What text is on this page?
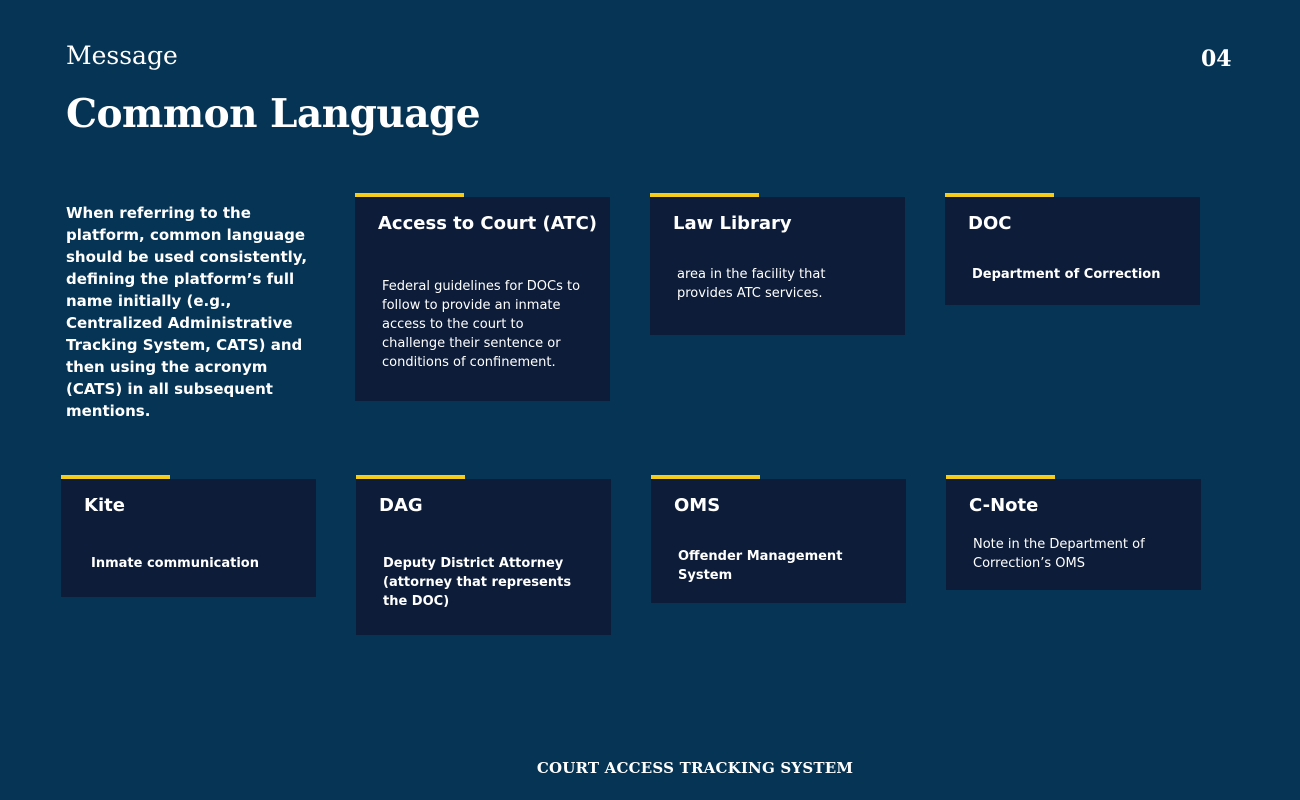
Message
Common Language
04
When referring to the platform, common language should be used consistently, defining the platform’s full name initially (e.g., Centralized Administrative Tracking System, CATS) and then using the acronym (CATS) in all subsequent mentions.
Access to Court (ATC)
Federal guidelines for DOCs to follow to provide an inmate access to the court to challenge their sentence or conditions of confinement.
Law Library
area in the facility that provides ATC services.
DOC
Department of Correction
Kite
Inmate communication
DAG
Deputy District Attorney (attorney that represents the DOC)
OMS
Offender Management System
C-Note
Note in the Department of Correction’s OMS
COURT ACCESS TRACKING SYSTEM
